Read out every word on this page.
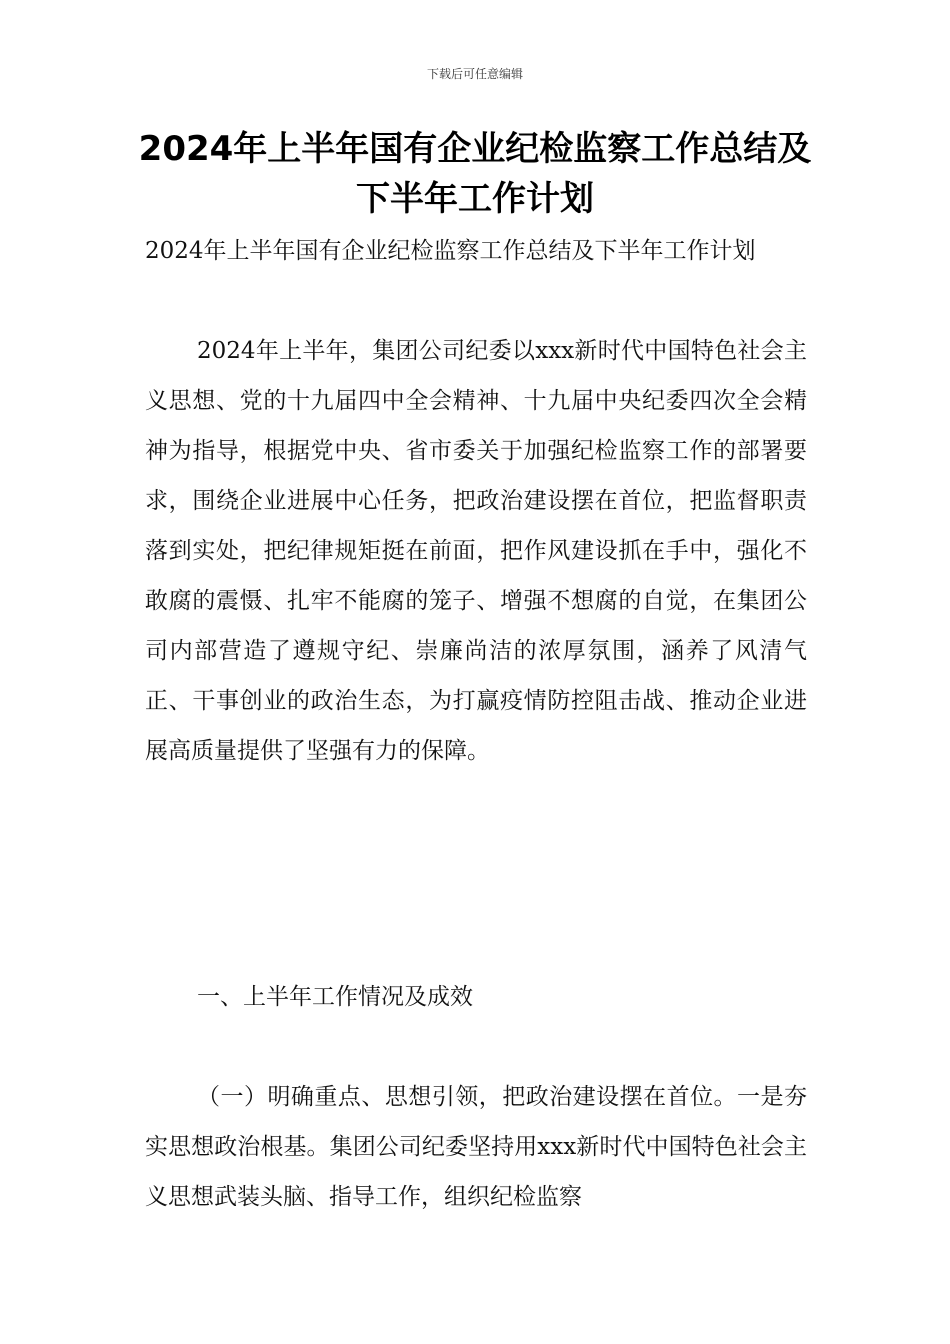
下载后可任意编辑
2024年上半年国有企业纪检监察工作总结及下半年工作计划

2024年上半年国有企业纪检监察工作总结及下半年工作计划

2024年上半年，集团公司纪委以xxx新时代中国特色社会主义思想、党的十九届四中全会精神、十九届中央纪委四次全会精神为指导，根据党中央、省市委关于加强纪检监察工作的部署要求，围绕企业进展中心任务，把政治建设摆在首位，把监督职责落到实处，把纪律规矩挺在前面，把作风建设抓在手中，强化不敢腐的震慑、扎牢不能腐的笼子、增强不想腐的自觉，在集团公司内部营造了遵规守纪、崇廉尚洁的浓厚氛围，涵养了风清气正、干事创业的政治生态，为打赢疫情防控阻击战、推动企业进展高质量提供了坚强有力的保障。

一、上半年工作情况及成效

（一）明确重点、思想引领，把政治建设摆在首位。一是夯实思想政治根基。集团公司纪委坚持用xxx新时代中国特色社会主义思想武装头脑、指导工作，组织纪检监察
